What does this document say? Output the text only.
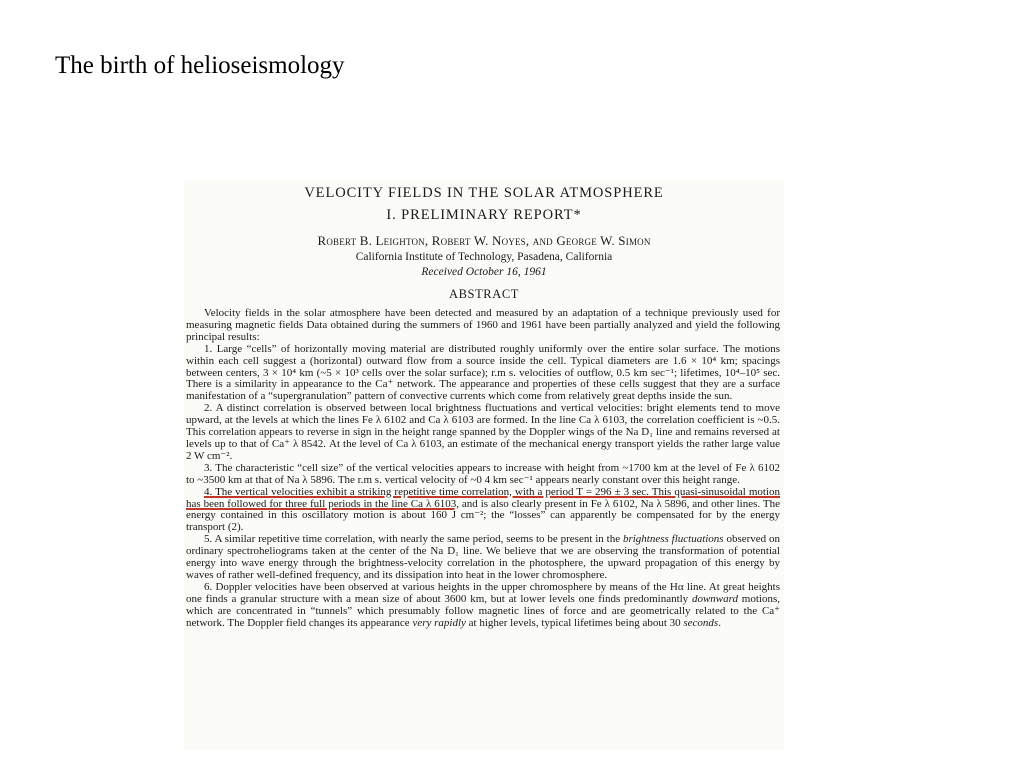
The birth of helioseismology
VELOCITY FIELDS IN THE SOLAR ATMOSPHERE
I. PRELIMINARY REPORT*
Robert B. Leighton, Robert W. Noyes, and George W. Simon
California Institute of Technology, Pasadena, California
Received October 16, 1961
ABSTRACT

Velocity fields in the solar atmosphere have been detected and measured by an adaptation of a technique previously used for measuring magnetic fields Data obtained during the summers of 1960 and 1961 have been partially analyzed and yield the following principal results:

1. Large “cells” of horizontally moving material are distributed roughly uniformly over the entire solar surface. The motions within each cell suggest a (horizontal) outward flow from a source inside the cell. Typical diameters are 1.6 × 10⁴ km; spacings between centers, 3 × 10⁴ km (~5 × 10³ cells over the solar surface); r.m s. velocities of outflow, 0.5 km sec⁻¹; lifetimes, 10⁴–10⁵ sec. There is a similarity in appearance to the Ca⁺ network. The appearance and properties of these cells suggest that they are a surface manifestation of a “supergranulation” pattern of convective currents which come from relatively great depths inside the sun.

2. A distinct correlation is observed between local brightness fluctuations and vertical velocities: bright elements tend to move upward, at the levels at which the lines Fe λ 6102 and Ca λ 6103 are formed. In the line Ca λ 6103, the correlation coefficient is ~0.5. This correlation appears to reverse in sign in the height range spanned by the Doppler wings of the Na D₁ line and remains reversed at levels up to that of Ca⁺ λ 8542. At the level of Ca λ 6103, an estimate of the mechanical energy transport yields the rather large value 2 W cm⁻².

3. The characteristic “cell size” of the vertical velocities appears to increase with height from ~1700 km at the level of Fe λ 6102 to ~3500 km at that of Na λ 5896. The r.m s. vertical velocity of ~0 4 km sec⁻¹ appears nearly constant over this height range.

4. The vertical velocities exhibit a striking repetitive time correlation, with a period T = 296 ± 3 sec. This quasi-sinusoidal motion has been followed for three full periods in the line Ca λ 6103, and is also clearly present in Fe λ 6102, Na λ 5896, and other lines. The energy contained in this oscillatory motion is about 160 J cm⁻²; the “losses” can apparently be compensated for by the energy transport (2).

5. A similar repetitive time correlation, with nearly the same period, seems to be present in the brightness fluctuations observed on ordinary spectroheliograms taken at the center of the Na D₁ line. We believe that we are observing the transformation of potential energy into wave energy through the brightness-velocity correlation in the photosphere, the upward propagation of this energy by waves of rather well-defined frequency, and its dissipation into heat in the lower chromosphere.

6. Doppler velocities have been observed at various heights in the upper chromosphere by means of the Hα line. At great heights one finds a granular structure with a mean size of about 3600 km, but at lower levels one finds predominantly downward motions, which are concentrated in “tunnels” which presumably follow magnetic lines of force and are geometrically related to the Ca⁺ network. The Doppler field changes its appearance very rapidly at higher levels, typical lifetimes being about 30 seconds.
